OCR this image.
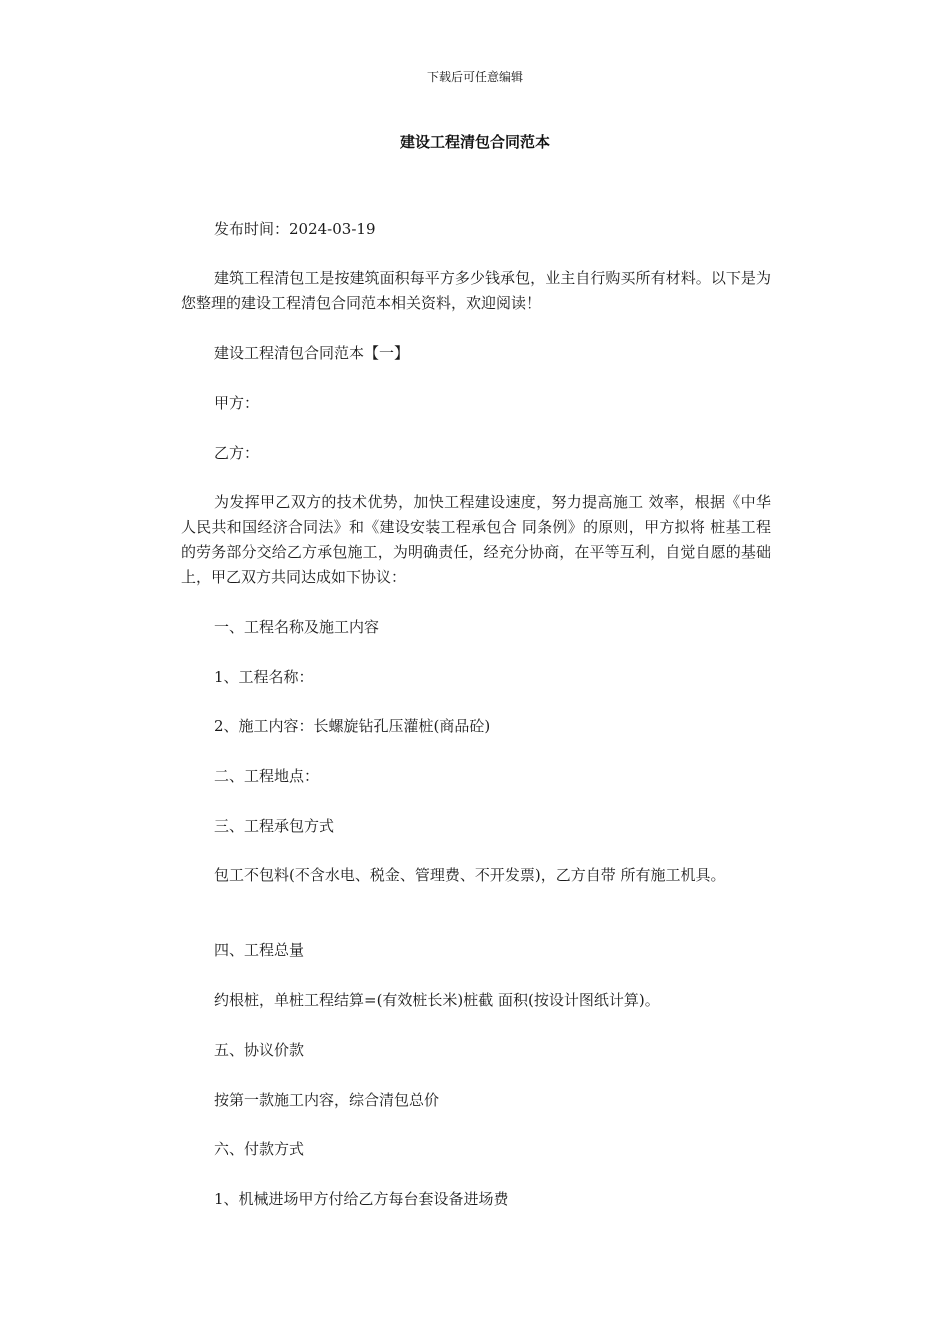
下载后可任意编辑
建设工程清包合同范本

发布时间：2024-03-19

建筑工程清包工是按建筑面积每平方多少钱承包，业主自行购买所有材料。以下是为您整理的建设工程清包合同范本相关资料，欢迎阅读！

建设工程清包合同范本【一】

甲方：

乙方：

为发挥甲乙双方的技术优势，加快工程建设速度，努力提高施工 效率，根据《中华人民共和国经济合同法》和《建设安装工程承包合 同条例》的原则，甲方拟将 桩基工程的劳务部分交给乙方承包施工，为明确责任，经充分协商，在平等互利，自觉自愿的基础上，甲乙双方共同达成如下协议：

一、工程名称及施工内容

1、工程名称：

2、施工内容：长螺旋钻孔压灌桩(商品砼)

二、工程地点：

三、工程承包方式

包工不包料(不含水电、税金、管理费、不开发票)，乙方自带 所有施工机具。

四、工程总量

约根桩，单桩工程结算=(有效桩长米)桩截 面积(按设计图纸计算)。

五、协议价款

按第一款施工内容，综合清包总价

六、付款方式

1、机械进场甲方付给乙方每台套设备进场费
